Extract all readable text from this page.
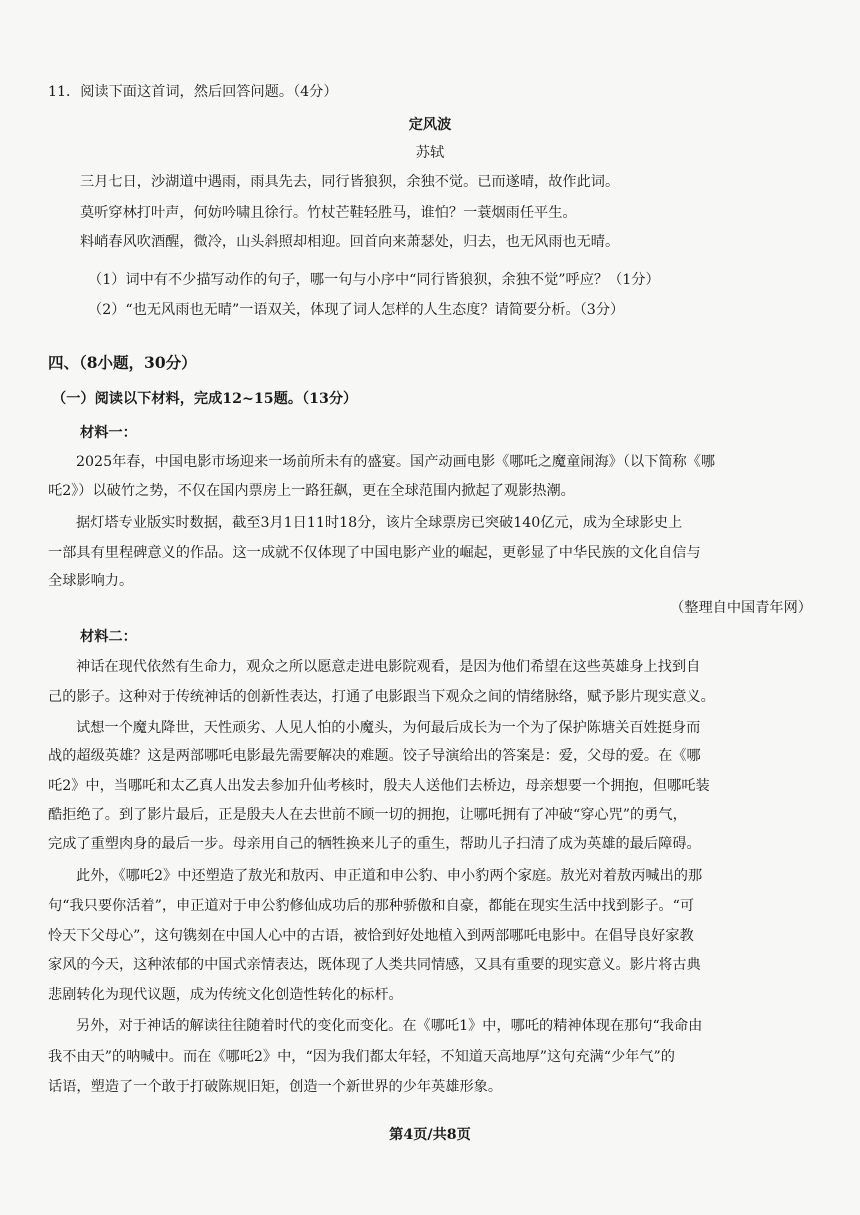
11．阅读下面这首词，然后回答问题。（4分）
定风波
苏轼
三月七日，沙湖道中遇雨，雨具先去，同行皆狼狈，余独不觉。已而遂晴，故作此词。
莫听穿林打叶声，何妨吟啸且徐行。竹杖芒鞋轻胜马，谁怕？一蓑烟雨任平生。
料峭春风吹酒醒，微冷，山头斜照却相迎。回首向来萧瑟处，归去，也无风雨也无晴。
（1）词中有不少描写动作的句子，哪一句与小序中“同行皆狼狈，余独不觉”呼应？（1分）
（2）“也无风雨也无晴”一语双关，体现了词人怎样的人生态度？请简要分析。（3分）
四、（8小题，30分）
（一）阅读以下材料，完成12~15题。（13分）
材料一：
2025年春，中国电影市场迎来一场前所未有的盛宴。国产动画电影《哪吒之魔童闹海》（以下简称《哪
吒2》）以破竹之势，不仅在国内票房上一路狂飙，更在全球范围内掀起了观影热潮。
据灯塔专业版实时数据，截至3月1日11时18分，该片全球票房已突破140亿元，成为全球影史上
一部具有里程碑意义的作品。这一成就不仅体现了中国电影产业的崛起，更彰显了中华民族的文化自信与
全球影响力。
（整理自中国青年网）
材料二：
神话在现代依然有生命力，观众之所以愿意走进电影院观看，是因为他们希望在这些英雄身上找到自
己的影子。这种对于传统神话的创新性表达，打通了电影跟当下观众之间的情绪脉络，赋予影片现实意义。
试想一个魔丸降世，天性顽劣、人见人怕的小魔头，为何最后成长为一个为了保护陈塘关百姓挺身而
战的超级英雄？这是两部哪吒电影最先需要解决的难题。饺子导演给出的答案是：爱，父母的爱。在《哪
吒2》中，当哪吒和太乙真人出发去参加升仙考核时，殷夫人送他们去桥边，母亲想要一个拥抱，但哪吒装
酷拒绝了。到了影片最后，正是殷夫人在去世前不顾一切的拥抱，让哪吒拥有了冲破“穿心咒”的勇气，
完成了重塑肉身的最后一步。母亲用自己的牺牲换来儿子的重生，帮助儿子扫清了成为英雄的最后障碍。
此外，《哪吒2》中还塑造了敖光和敖丙、申正道和申公豹、申小豹两个家庭。敖光对着敖丙喊出的那
句“我只要你活着”，申正道对于申公豹修仙成功后的那种骄傲和自豪，都能在现实生活中找到影子。“可
怜天下父母心”，这句镌刻在中国人心中的古语，被恰到好处地植入到两部哪吒电影中。在倡导良好家教
家风的今天，这种浓郁的中国式亲情表达，既体现了人类共同情感，又具有重要的现实意义。影片将古典
悲剧转化为现代议题，成为传统文化创造性转化的标杆。
另外，对于神话的解读往往随着时代的变化而变化。在《哪吒1》中，哪吒的精神体现在那句“我命由
我不由天”的呐喊中。而在《哪吒2》中，“因为我们都太年轻，不知道天高地厚”这句充满“少年气”的
话语，塑造了一个敢于打破陈规旧矩，创造一个新世界的少年英雄形象。
第4页/共8页
